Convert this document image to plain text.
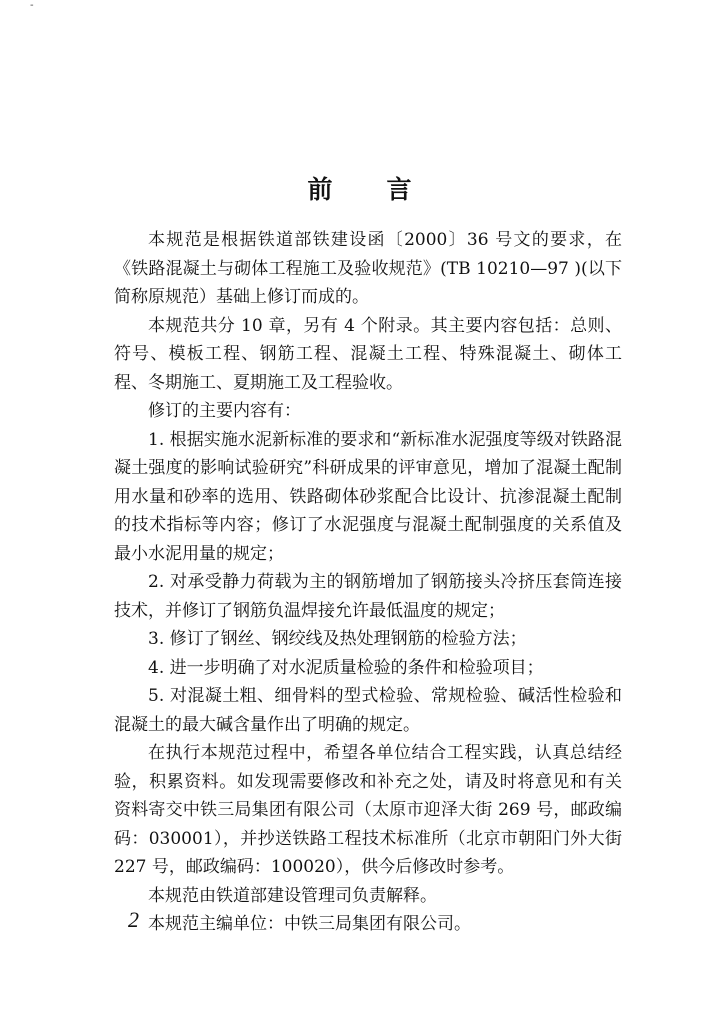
-
前 言

本规范是根据铁道部铁建设函〔2000〕36 号文的要求，在《铁路混凝土与砌体工程施工及验收规范》(TB 10210—97 )(以下简称原规范）基础上修订而成的。

本规范共分 10 章，另有 4 个附录。其主要内容包括：总则、符号、模板工程、钢筋工程、混凝土工程、特殊混凝土、砌体工程、冬期施工、夏期施工及工程验收。

修订的主要内容有：

1. 根据实施水泥新标准的要求和“新标准水泥强度等级对铁路混凝土强度的影响试验研究”科研成果的评审意见，增加了混凝土配制用水量和砂率的选用、铁路砌体砂浆配合比设计、抗渗混凝土配制的技术指标等内容；修订了水泥强度与混凝土配制强度的关系值及最小水泥用量的规定；

2. 对承受静力荷载为主的钢筋增加了钢筋接头冷挤压套筒连接技术，并修订了钢筋负温焊接允许最低温度的规定；

3. 修订了钢丝、钢绞线及热处理钢筋的检验方法；

4. 进一步明确了对水泥质量检验的条件和检验项目；

5. 对混凝土粗、细骨料的型式检验、常规检验、碱活性检验和混凝土的最大碱含量作出了明确的规定。

在执行本规范过程中，希望各单位结合工程实践，认真总结经验，积累资料。如发现需要修改和补充之处，请及时将意见和有关资料寄交中铁三局集团有限公司（太原市迎泽大街 269 号，邮政编码：030001），并抄送铁路工程技术标准所（北京市朝阳门外大街 227 号，邮政编码：100020），供今后修改时参考。

本规范由铁道部建设管理司负责解释。

本规范主编单位：中铁三局集团有限公司。

2
